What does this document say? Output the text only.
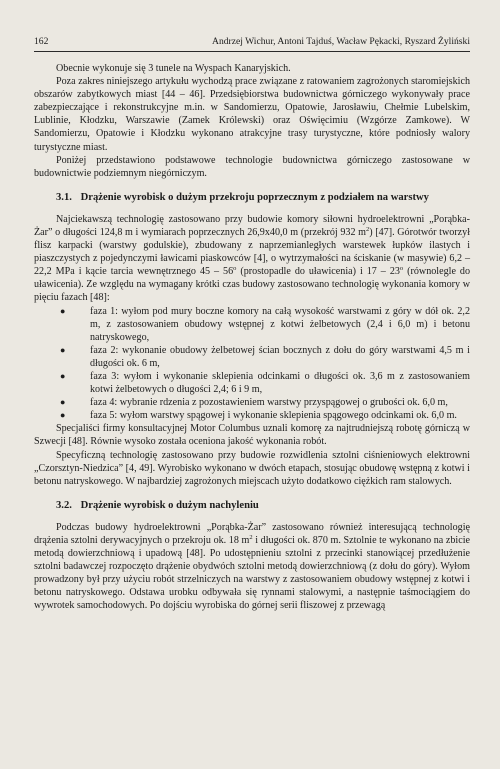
162	Andrzej Wichur, Antoni Tajduś, Wacław Pękacki, Ryszard Żyliński

Obecnie wykonuje się 3 tunele na Wyspach Kanaryjskich.

Poza zakres niniejszego artykułu wychodzą prace związane z ratowaniem zagrożonych staromiejskich obszarów zabytkowych miast [44 – 46]. Przedsiębiorstwa budownictwa górniczego wykonywały prace zabezpieczające i rekonstrukcyjne m.in. w Sandomierzu, Opatowie, Jarosławiu, Chełmie Lubelskim, Lublinie, Kłodzku, Warszawie (Zamek Królewski) oraz Oświęcimiu (Wzgórze Zamkowe). W Sandomierzu, Opatowie i Kłodzku wykonano atrakcyjne trasy turystyczne, które podniosły walory turystyczne miast.

Poniżej przedstawiono podstawowe technologie budownictwa górniczego zastosowane w budownictwie podziemnym niegórniczym.

3.1. Drążenie wyrobisk o dużym przekroju poprzecznym z podziałem na warstwy

Najciekawszą technologię zastosowano przy budowie komory siłowni hydroelektrowni „Porąbka-Żar” o długości 124,8 m i wymiarach poprzecznych 26,9x40,0 m (przekrój 932 $m^2$) [47]. Górotwór tworzył flisz karpacki (warstwy godulskie), zbudowany z naprzemianległych warstewek łupków ilastych i piaszczystych z pojedynczymi ławicami piaskowców [4], o wytrzymałości na ściskanie (w masywie) 6,2 – 22,2 MPa i kącie tarcia wewnętrznego 45 – 56$^o$ (prostopadle do uławicenia) i 17 – 23$^o$ (równolegle do uławicenia). Ze względu na wymagany krótki czas budowy zastosowano technologię wykonania komory w pięciu fazach [48]:

● faza 1: wyłom pod mury boczne komory na całą wysokość warstwami z góry w dół ok. 2,2 m, z zastosowaniem obudowy wstępnej z kotwi żelbetowych (2,4 i 6,0 m) i betonu natryskowego,
● faza 2: wykonanie obudowy żelbetowej ścian bocznych z dołu do góry warstwami 4,5 m i długości ok. 6 m,
● faza 3: wyłom i wykonanie sklepienia odcinkami o długości ok. 3,6 m z zastosowaniem kotwi żelbetowych o długości 2,4; 6 i 9 m,
● faza 4: wybranie rdzenia z pozostawieniem warstwy przyspągowej o grubości ok. 6,0 m,
● faza 5: wyłom warstwy spągowej i wykonanie sklepienia spągowego odcinkami ok. 6,0 m.

Specjaliści firmy konsultacyjnej Motor Columbus uznali komorę za najtrudniejszą robotę górniczą w Szwecji [48]. Równie wysoko została oceniona jakość wykonania robót.

Specyficzną technologię zastosowano przy budowie rozwidlenia sztolni ciśnieniowych elektrowni „Czorsztyn-Niedzica” [4, 49]. Wyrobisko wykonano w dwóch etapach, stosując obudowę wstępną z kotwi i betonu natryskowego. W najbardziej zagrożonych miejscach użyto dodatkowo ciężkich ram stalowych.

3.2. Drążenie wyrobisk o dużym nachyleniu

Podczas budowy hydroelektrowni „Porąbka-Żar” zastosowano również interesującą technologię drążenia sztolni derywacyjnych o przekroju ok. 18 $m^2$ i długości ok. 870 m. Sztolnie te wykonano na zbicie metodą dowierzchniową i upadową [48]. Po udostępnieniu sztolni z przecinki stanowiącej przedłużenie sztolni badawczej rozpoczęto drążenie obydwóch sztolni metodą dowierzchniową (z dołu do góry). Wyłom prowadzony był przy użyciu robót strzelniczych na warstwy z zastosowaniem obudowy wstępnej z kotwi i betonu natryskowego. Odstawa urobku odbywała się rynnami stalowymi, a następnie taśmociągiem do wywrotek samochodowych. Po dojściu wyrobiska do górnej serii fliszowej z przewagą
